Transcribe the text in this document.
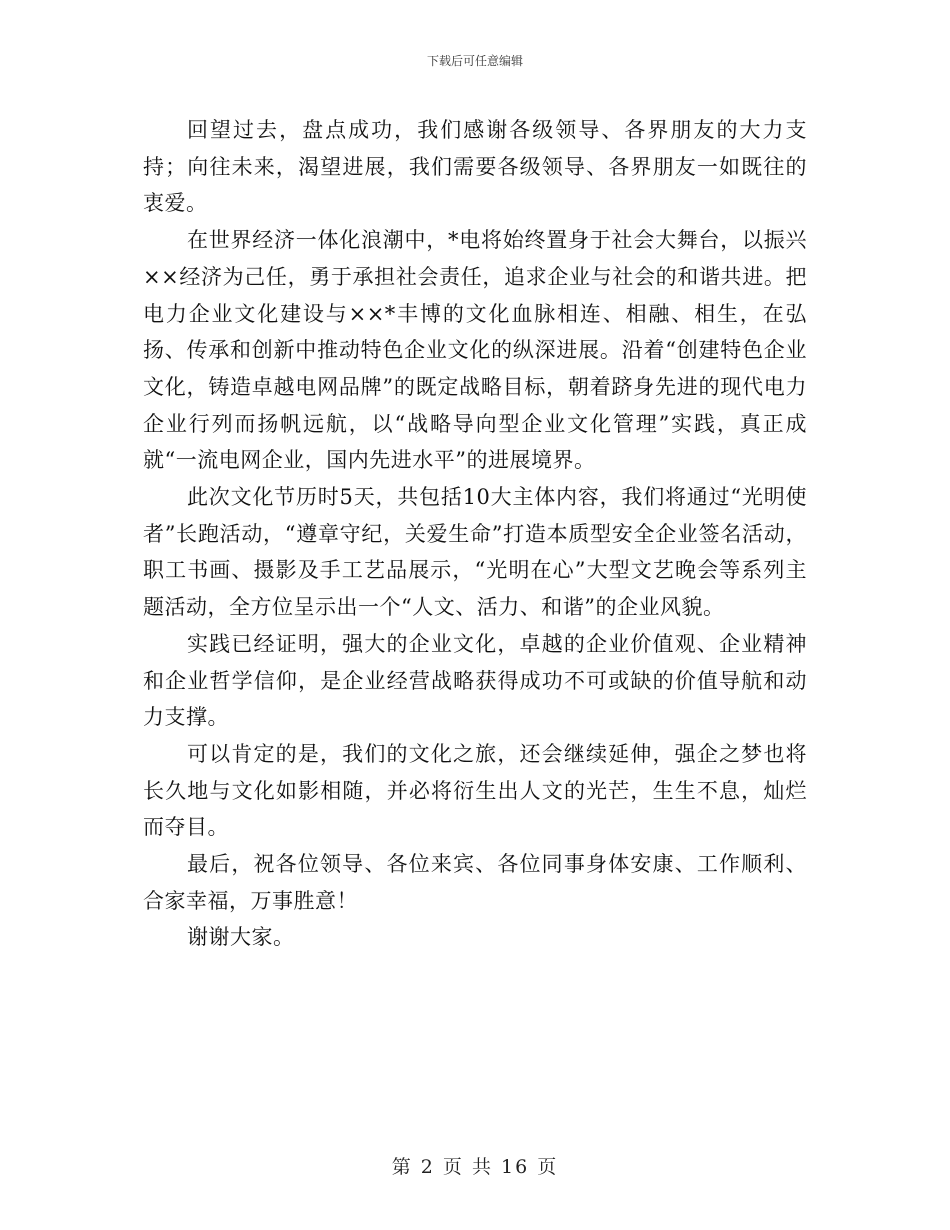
下载后可任意编辑

回望过去，盘点成功，我们感谢各级领导、各界朋友的大力支持；向往未来，渴望进展，我们需要各级领导、各界朋友一如既往的衷爱。

在世界经济一体化浪潮中，*电将始终置身于社会大舞台，以振兴××经济为己任，勇于承担社会责任，追求企业与社会的和谐共进。把电力企业文化建设与××*丰博的文化血脉相连、相融、相生，在弘扬、传承和创新中推动特色企业文化的纵深进展。沿着“创建特色企业文化，铸造卓越电网品牌”的既定战略目标，朝着跻身先进的现代电力企业行列而扬帆远航，以“战略导向型企业文化管理”实践，真正成就“一流电网企业，国内先进水平”的进展境界。

此次文化节历时5天，共包括10大主体内容，我们将通过“光明使者”长跑活动，“遵章守纪，关爱生命”打造本质型安全企业签名活动，职工书画、摄影及手工艺品展示，“光明在心”大型文艺晚会等系列主题活动，全方位呈示出一个“人文、活力、和谐”的企业风貌。

实践已经证明，强大的企业文化，卓越的企业价值观、企业精神和企业哲学信仰，是企业经营战略获得成功不可或缺的价值导航和动力支撑。

可以肯定的是，我们的文化之旅，还会继续延伸，强企之梦也将长久地与文化如影相随，并必将衍生出人文的光芒，生生不息，灿烂而夺目。

最后，祝各位领导、各位来宾、各位同事身体安康、工作顺利、合家幸福，万事胜意！

谢谢大家。

第 2 页 共 16 页
